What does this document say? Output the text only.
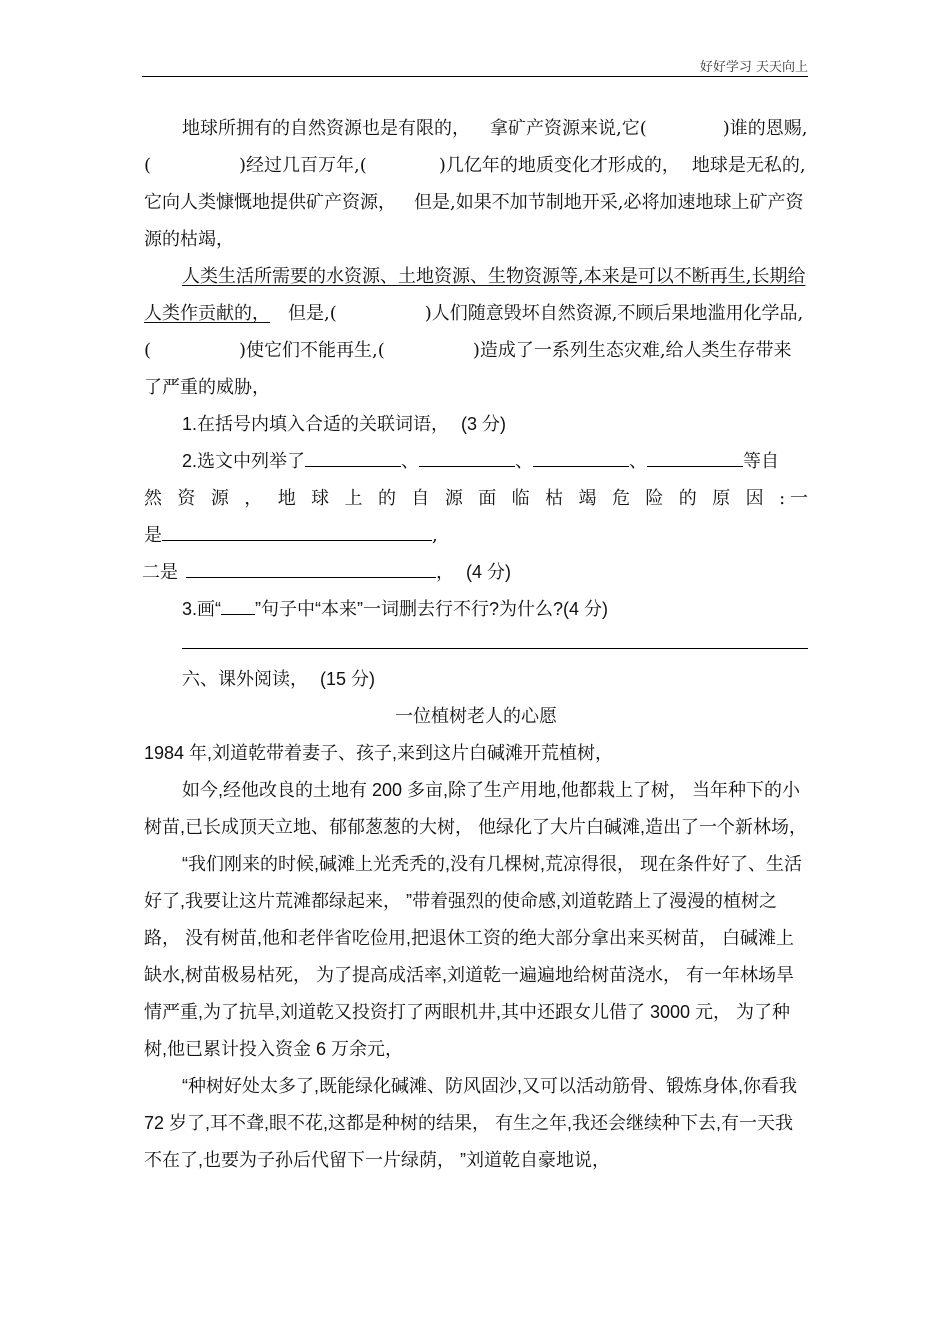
好好学习 天天向上

地球所拥有的自然资源也是有限的， 拿矿产资源来说,它(	)谁的恩赐,(	)经过几百万年,(	)几亿年的地质变化才形成的， 地球是无私的,它向人类慷慨地提供矿产资源， 但是,如果不加节制地开采,必将加速地球上矿产资源的枯竭，

人类生活所需要的水资源、土地资源、生物资源等,本来是可以不断再生,长期给人类作贡献的， 但是,(	)人们随意毁坏自然资源,不顾后果地滥用化学品,(	)使它们不能再生,(	)造成了一系列生态灾难,给人类生存带来了严重的威胁，

1.在括号内填入合适的关联词语， (3 分)

2.选文中列举了	、	、	、	等自

然 资 源 ， 地 球 上 的 自 源 面 临 枯 竭 危 险 的 原 因 :一

是	,

二是	， (4 分)

3.画“ ”句子中“本来”一词删去行不行?为什么?(4 分)

六、课外阅读， (15 分)

一位植树老人的心愿

1984 年,刘道乾带着妻子、孩子,来到这片白碱滩开荒植树，

如今,经他改良的土地有 200 多亩,除了生产用地,他都栽上了树， 当年种下的小树苗,已长成顶天立地、郁郁葱葱的大树， 他绿化了大片白碱滩,造出了一个新林场，

“我们刚来的时候,碱滩上光秃秃的,没有几棵树,荒凉得很， 现在条件好了、生活好了,我要让这片荒滩都绿起来， ”带着强烈的使命感,刘道乾踏上了漫漫的植树之路， 没有树苗,他和老伴省吃俭用,把退休工资的绝大部分拿出来买树苗， 白碱滩上缺水,树苗极易枯死， 为了提高成活率,刘道乾一遍遍地给树苗浇水， 有一年林场旱情严重,为了抗旱,刘道乾又投资打了两眼机井,其中还跟女儿借了 3000 元， 为了种树,他已累计投入资金 6 万余元，

“种树好处太多了,既能绿化碱滩、防风固沙,又可以活动筋骨、锻炼身体,你看我 72 岁了,耳不聋,眼不花,这都是种树的结果， 有生之年,我还会继续种下去,有一天我不在了,也要为子孙后代留下一片绿荫， ”刘道乾自豪地说，
